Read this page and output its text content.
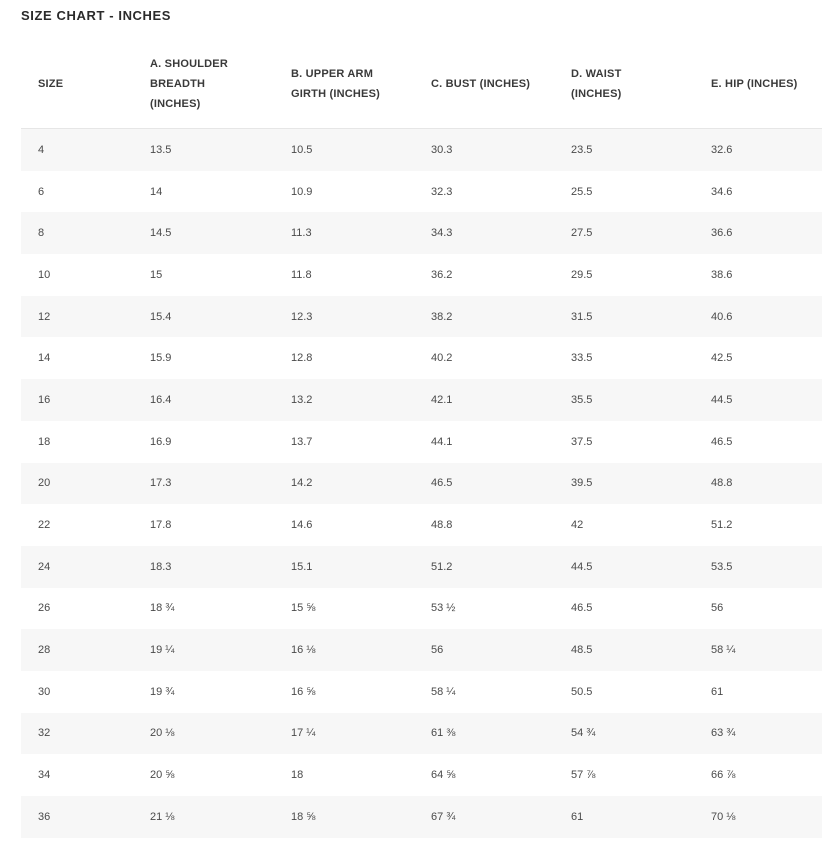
SIZE CHART - INCHES
SIZE	A. SHOULDER BREADTH (INCHES)	B. UPPER ARM GIRTH (INCHES)	C. BUST (INCHES)	D. WAIST (INCHES)	E. HIP (INCHES)
4	13.5	10.5	30.3	23.5	32.6
6	14	10.9	32.3	25.5	34.6
8	14.5	11.3	34.3	27.5	36.6
10	15	11.8	36.2	29.5	38.6
12	15.4	12.3	38.2	31.5	40.6
14	15.9	12.8	40.2	33.5	42.5
16	16.4	13.2	42.1	35.5	44.5
18	16.9	13.7	44.1	37.5	46.5
20	17.3	14.2	46.5	39.5	48.8
22	17.8	14.6	48.8	42	51.2
24	18.3	15.1	51.2	44.5	53.5
26	18 ¾	15 ⅝	53 ½	46.5	56
28	19 ¼	16 ⅛	56	48.5	58 ¼
30	19 ¾	16 ⅝	58 ¼	50.5	61
32	20 ⅛	17 ¼	61 ⅜	54 ¾	63 ¾
34	20 ⅝	18	64 ⅝	57 ⅞	66 ⅞
36	21 ⅛	18 ⅝	67 ¾	61	70 ⅛
